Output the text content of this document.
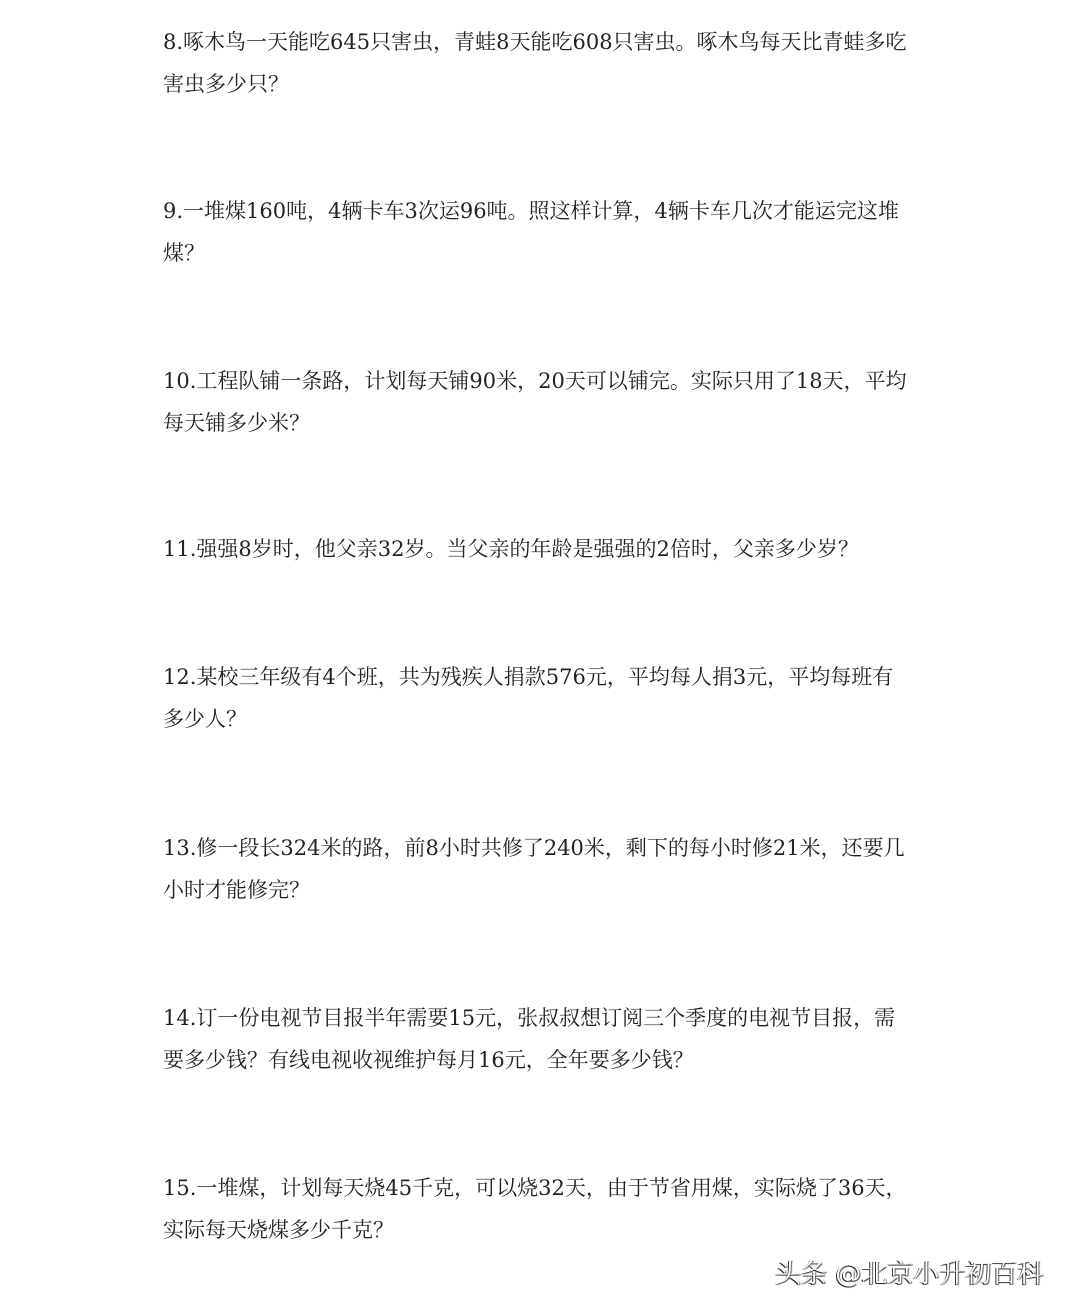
8.啄木鸟一天能吃645只害虫，青蛙8天能吃608只害虫。啄木鸟每天比青蛙多吃
害虫多少只？
9.一堆煤160吨，4辆卡车3次运96吨。照这样计算，4辆卡车几次才能运完这堆
煤？
10.工程队铺一条路，计划每天铺90米，20天可以铺完。实际只用了18天，平均
每天铺多少米？
11.强强8岁时，他父亲32岁。当父亲的年龄是强强的2倍时，父亲多少岁？
12.某校三年级有4个班，共为残疾人捐款576元，平均每人捐3元，平均每班有
多少人？
13.修一段长324米的路，前8小时共修了240米，剩下的每小时修21米，还要几
小时才能修完？
14.订一份电视节目报半年需要15元，张叔叔想订阅三个季度的电视节目报，需
要多少钱？有线电视收视维护每月16元，全年要多少钱？
15.一堆煤，计划每天烧45千克，可以烧32天，由于节省用煤，实际烧了36天，
实际每天烧煤多少千克？
头条 @北京小升初百科
